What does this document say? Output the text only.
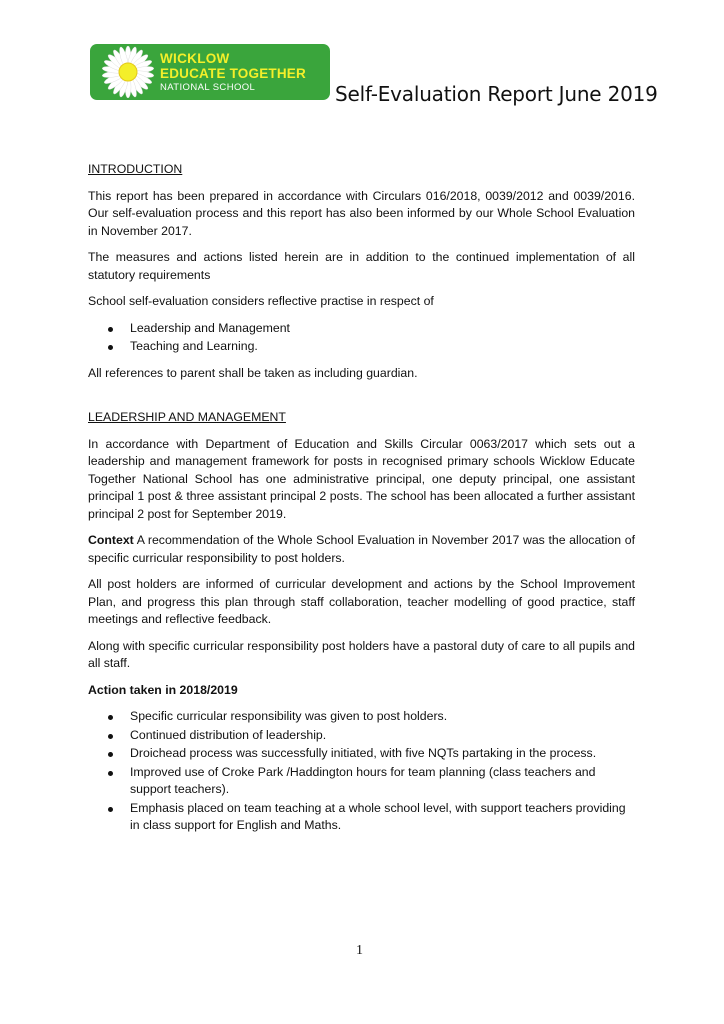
WICKLOW
EDUCATE TOGETHER
NATIONAL SCHOOL	Self-Evaluation Report June 2019
INTRODUCTION

This report has been prepared in accordance with Circulars 016/2018, 0039/2012 and 0039/2016. Our self-evaluation process and this report has also been informed by our Whole School Evaluation in November 2017.

The measures and actions listed herein are in addition to the continued implementation of all statutory requirements

School self-evaluation considers reflective practise in respect of

Leadership and Management
Teaching and Learning.

All references to parent shall be taken as including guardian.

LEADERSHIP AND MANAGEMENT

In accordance with Department of Education and Skills Circular 0063/2017 which sets out a leadership and management framework for posts in recognised primary schools Wicklow Educate Together National School has one administrative principal, one deputy principal, one assistant principal 1 post & three assistant principal 2 posts. The school has been allocated a further assistant principal 2 post for September 2019.

Context A recommendation of the Whole School Evaluation in November 2017 was the allocation of specific curricular responsibility to post holders.

All post holders are informed of curricular development and actions by the School Improvement Plan, and progress this plan through staff collaboration, teacher modelling of good practice, staff meetings and reflective feedback.

Along with specific curricular responsibility post holders have a pastoral duty of care to all pupils and all staff.

Action taken in 2018/2019

Specific curricular responsibility was given to post holders.
Continued distribution of leadership.
Droichead process was successfully initiated, with five NQTs partaking in the process.
Improved use of Croke Park /Haddington hours for team planning (class teachers and support teachers).
Emphasis placed on team teaching at a whole school level, with support teachers providing in class support for English and Maths.
1
